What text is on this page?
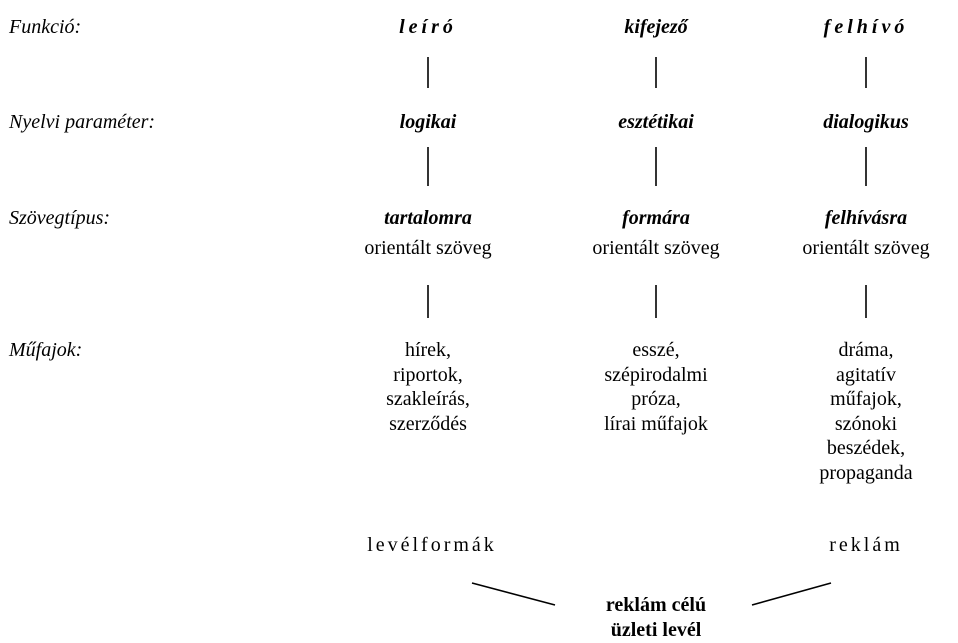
Funkció:
Nyelvi paraméter:
Szövegtípus:
Műfajok:
leíró
logikai
tartalomra
orientált szöveg
hírek,
riportok,
szakleírás,
szerződés
levélformák
kifejező
esztétikai
formára
orientált szöveg
esszé,
szépirodalmi
próza,
lírai műfajok
felhívó
dialogikus
felhívásra
orientált szöveg
dráma,
agitatív
műfajok,
szónoki
beszédek,
propaganda
reklám
reklám célú
üzleti levél
